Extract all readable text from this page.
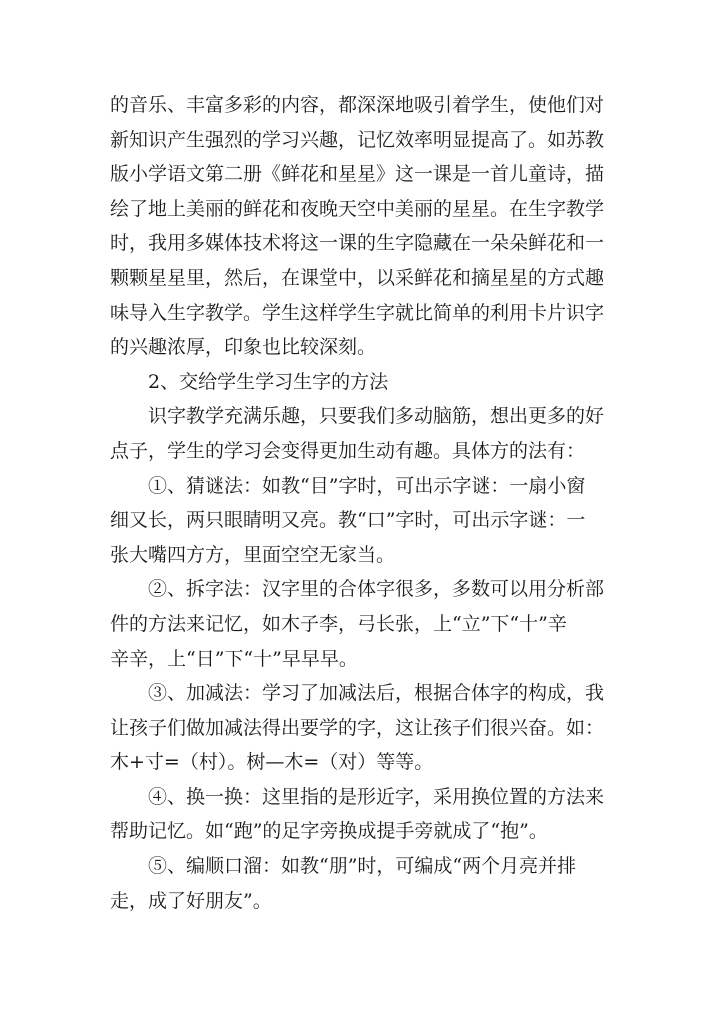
的音乐、丰富多彩的内容，都深深地吸引着学生，使他们对
新知识产生强烈的学习兴趣，记忆效率明显提高了。如苏教
版小学语文第二册《鲜花和星星》这一课是一首儿童诗，描
绘了地上美丽的鲜花和夜晚天空中美丽的星星。在生字教学
时，我用多媒体技术将这一课的生字隐藏在一朵朵鲜花和一
颗颗星星里，然后，在课堂中，以采鲜花和摘星星的方式趣
味导入生字教学。学生这样学生字就比简单的利用卡片识字
的兴趣浓厚，印象也比较深刻。
2、交给学生学习生字的方法
识字教学充满乐趣，只要我们多动脑筋，想出更多的好
点子，学生的学习会变得更加生动有趣。具体方的法有：
①、猜谜法：如教“目”字时，可出示字谜：一扇小窗
细又长，两只眼睛明又亮。教“口”字时，可出示字谜：一
张大嘴四方方，里面空空无家当。
②、拆字法：汉字里的合体字很多，多数可以用分析部
件的方法来记忆，如木子李，弓长张，上“立”下“十”辛
辛辛，上“日”下“十”早早早。
③、加减法：学习了加减法后，根据合体字的构成，我
让孩子们做加减法得出要学的字，这让孩子们很兴奋。如：
木+寸=（村）。树—木=（对）等等。
④、换一换：这里指的是形近字，采用换位置的方法来
帮助记忆。如“跑”的足字旁换成提手旁就成了“抱”。
⑤、编顺口溜：如教“朋”时，可编成“两个月亮并排
走，成了好朋友”。
